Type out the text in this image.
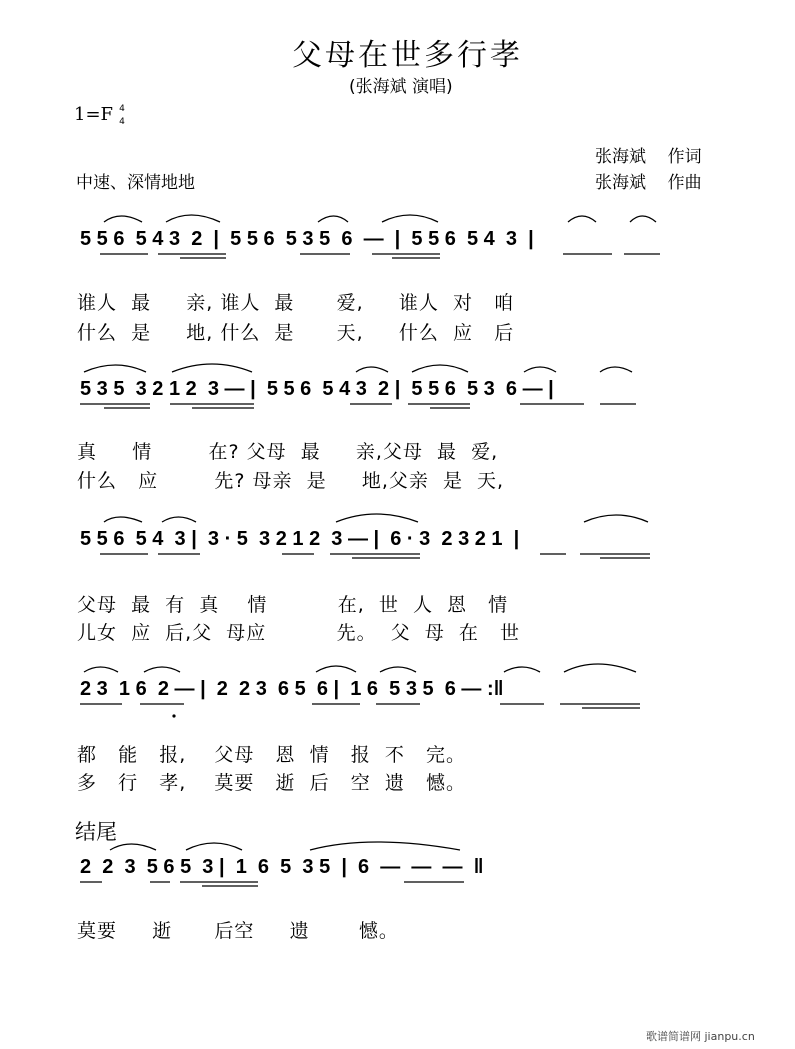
父母在世多行孝
(张海斌 演唱)
1=F 4
4
张海斌    作词
中速、深情地地	张海斌    作曲
5 5 6  5 4 3  2  |  5 5 6  5 3 5  6  —  |  5 5 6  5 4  3  |
谁人  最     亲, 谁人  最      爱,     谁人  对   咱
什么  是     地, 什么  是      天,     什么  应   后
5 3 5  3 2 1 2  3 — |  5 5 6  5 4 3  2 |  5 5 6  5 3  6 — |
真     情        在? 父母  最     亲,父母  最  爱,
什么   应        先? 母亲  是     地,父亲  是  天,
5 5 6  5 4  3 |  3 · 5  3 2 1 2  3 — |  6 · 3  2 3 2 1  |
父母  最  有  真    情          在,  世  人  恩   情
儿女  应  后,父  母应          先。  父  母  在   世
2 3  1 6  2 — |  2  2 3  6 5  6 |  1 6  5 3 5  6 — :‖
都   能   报,    父母   恩  情   报  不   完。
多   行   孝,    莫要   逝  后   空  遗   憾。
结尾
2  2  3  5 6 5  3 |  1  6  5  3 5  |  6  —  —  —  ‖
莫要     逝      后空     遗       憾。
歌谱简谱网 jianpu.cn
